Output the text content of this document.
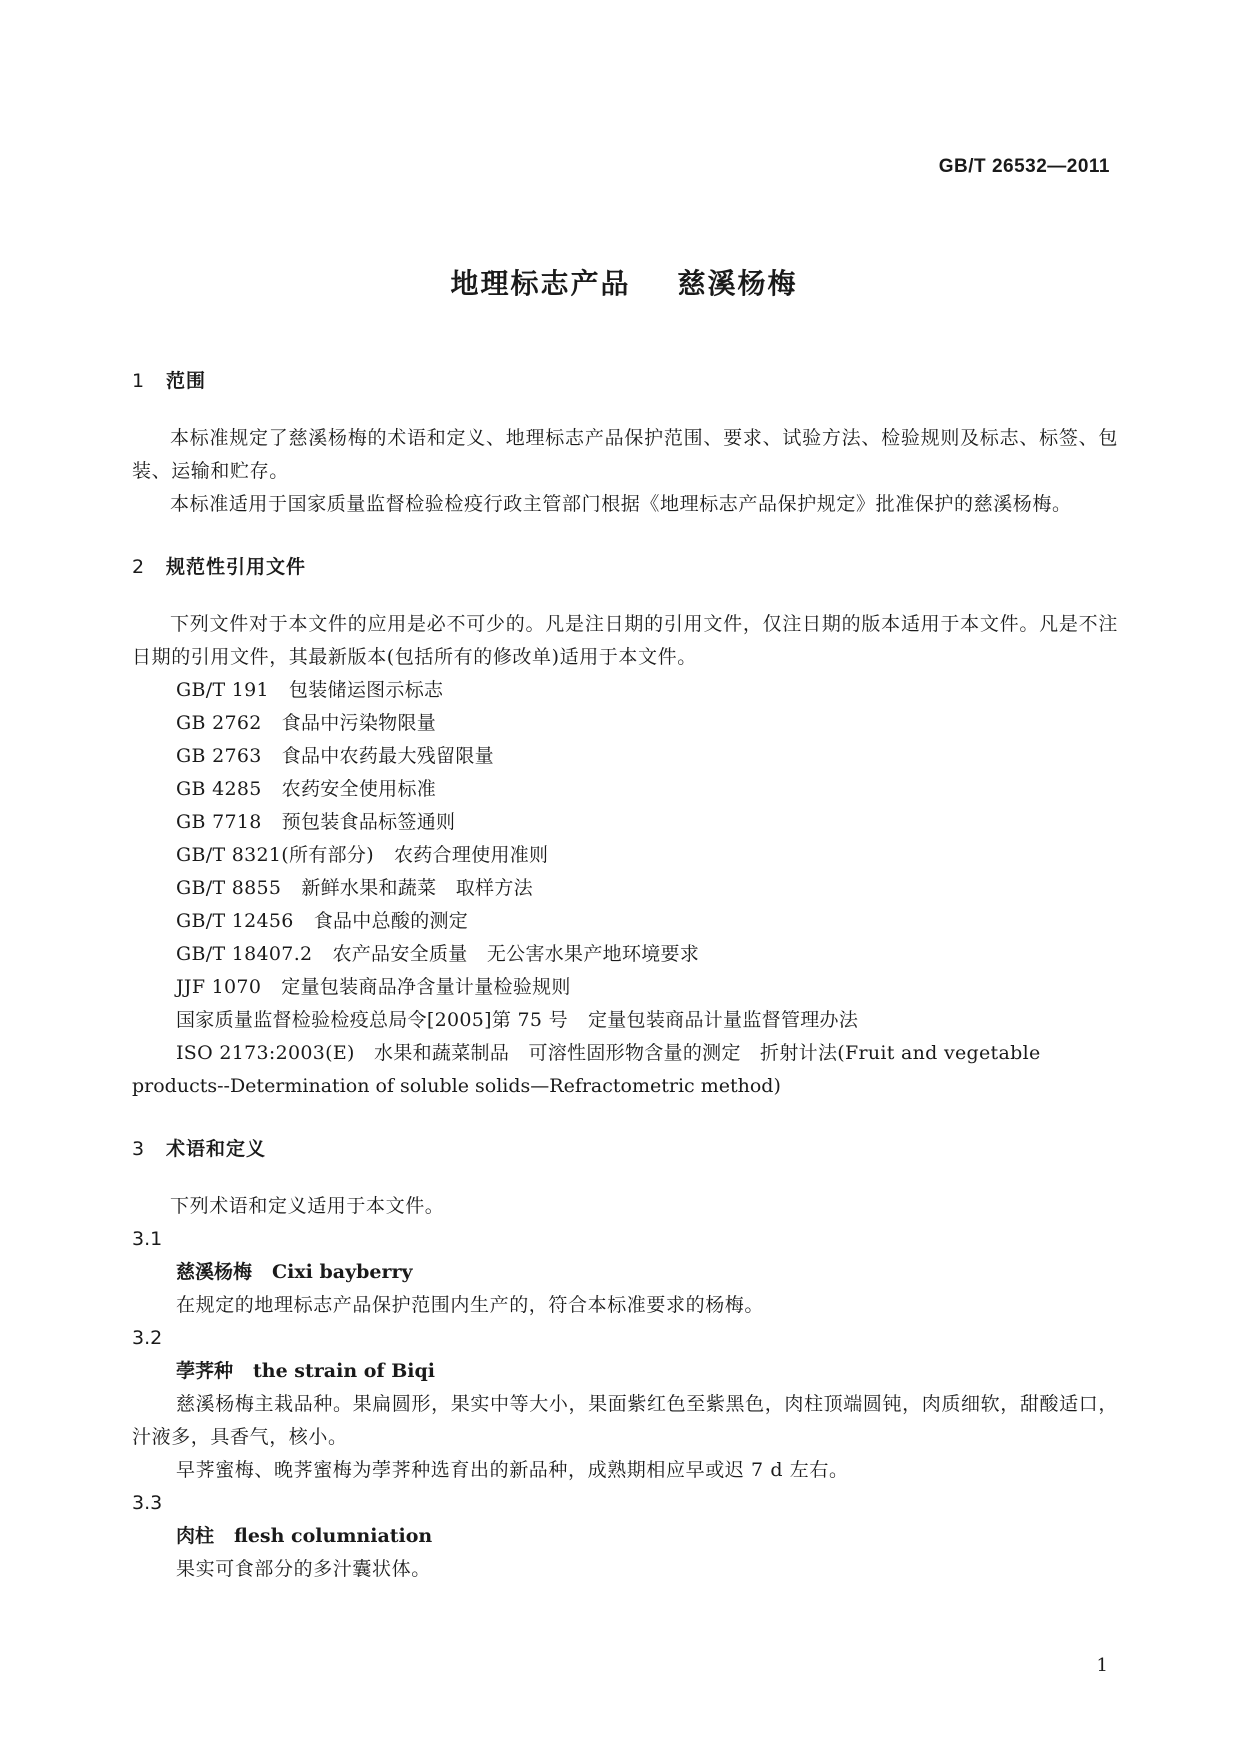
GB/T 26532—2011
地理标志产品    慈溪杨梅

1 范围

本标准规定了慈溪杨梅的术语和定义、地理标志产品保护范围、要求、试验方法、检验规则及标志、标签、包装、运输和贮存。

本标准适用于国家质量监督检验检疫行政主管部门根据《地理标志产品保护规定》批准保护的慈溪杨梅。

2 规范性引用文件

下列文件对于本文件的应用是必不可少的。凡是注日期的引用文件，仅注日期的版本适用于本文件。凡是不注日期的引用文件，其最新版本(包括所有的修改单)适用于本文件。

GB/T 191 包装储运图示标志

GB 2762 食品中污染物限量

GB 2763 食品中农药最大残留限量

GB 4285 农药安全使用标准

GB 7718 预包装食品标签通则

GB/T 8321(所有部分) 农药合理使用准则

GB/T 8855 新鲜水果和蔬菜　取样方法

GB/T 12456 食品中总酸的测定

GB/T 18407.2 农产品安全质量　无公害水果产地环境要求

JJF 1070 定量包装商品净含量计量检验规则

国家质量监督检验检疫总局令[2005]第 75 号 定量包装商品计量监督管理办法

ISO 2173:2003(E)　水果和蔬菜制品　可溶性固形物含量的测定　折射计法(Fruit and vegetable

products--Determination of soluble solids—Refractometric method)

3 术语和定义

下列术语和定义适用于本文件。

3.1

慈溪杨梅 Cixi bayberry

在规定的地理标志产品保护范围内生产的，符合本标准要求的杨梅。

3.2

荸荠种 the strain of Biqi

慈溪杨梅主栽品种。果扁圆形，果实中等大小，果面紫红色至紫黑色，肉柱顶端圆钝，肉质细软，甜酸适口，汁液多，具香气，核小。

早荠蜜梅、晚荠蜜梅为荸荠种选育出的新品种，成熟期相应早或迟 7 d 左右。

3.3

肉柱 flesh columniation

果实可食部分的多汁囊状体。

1
